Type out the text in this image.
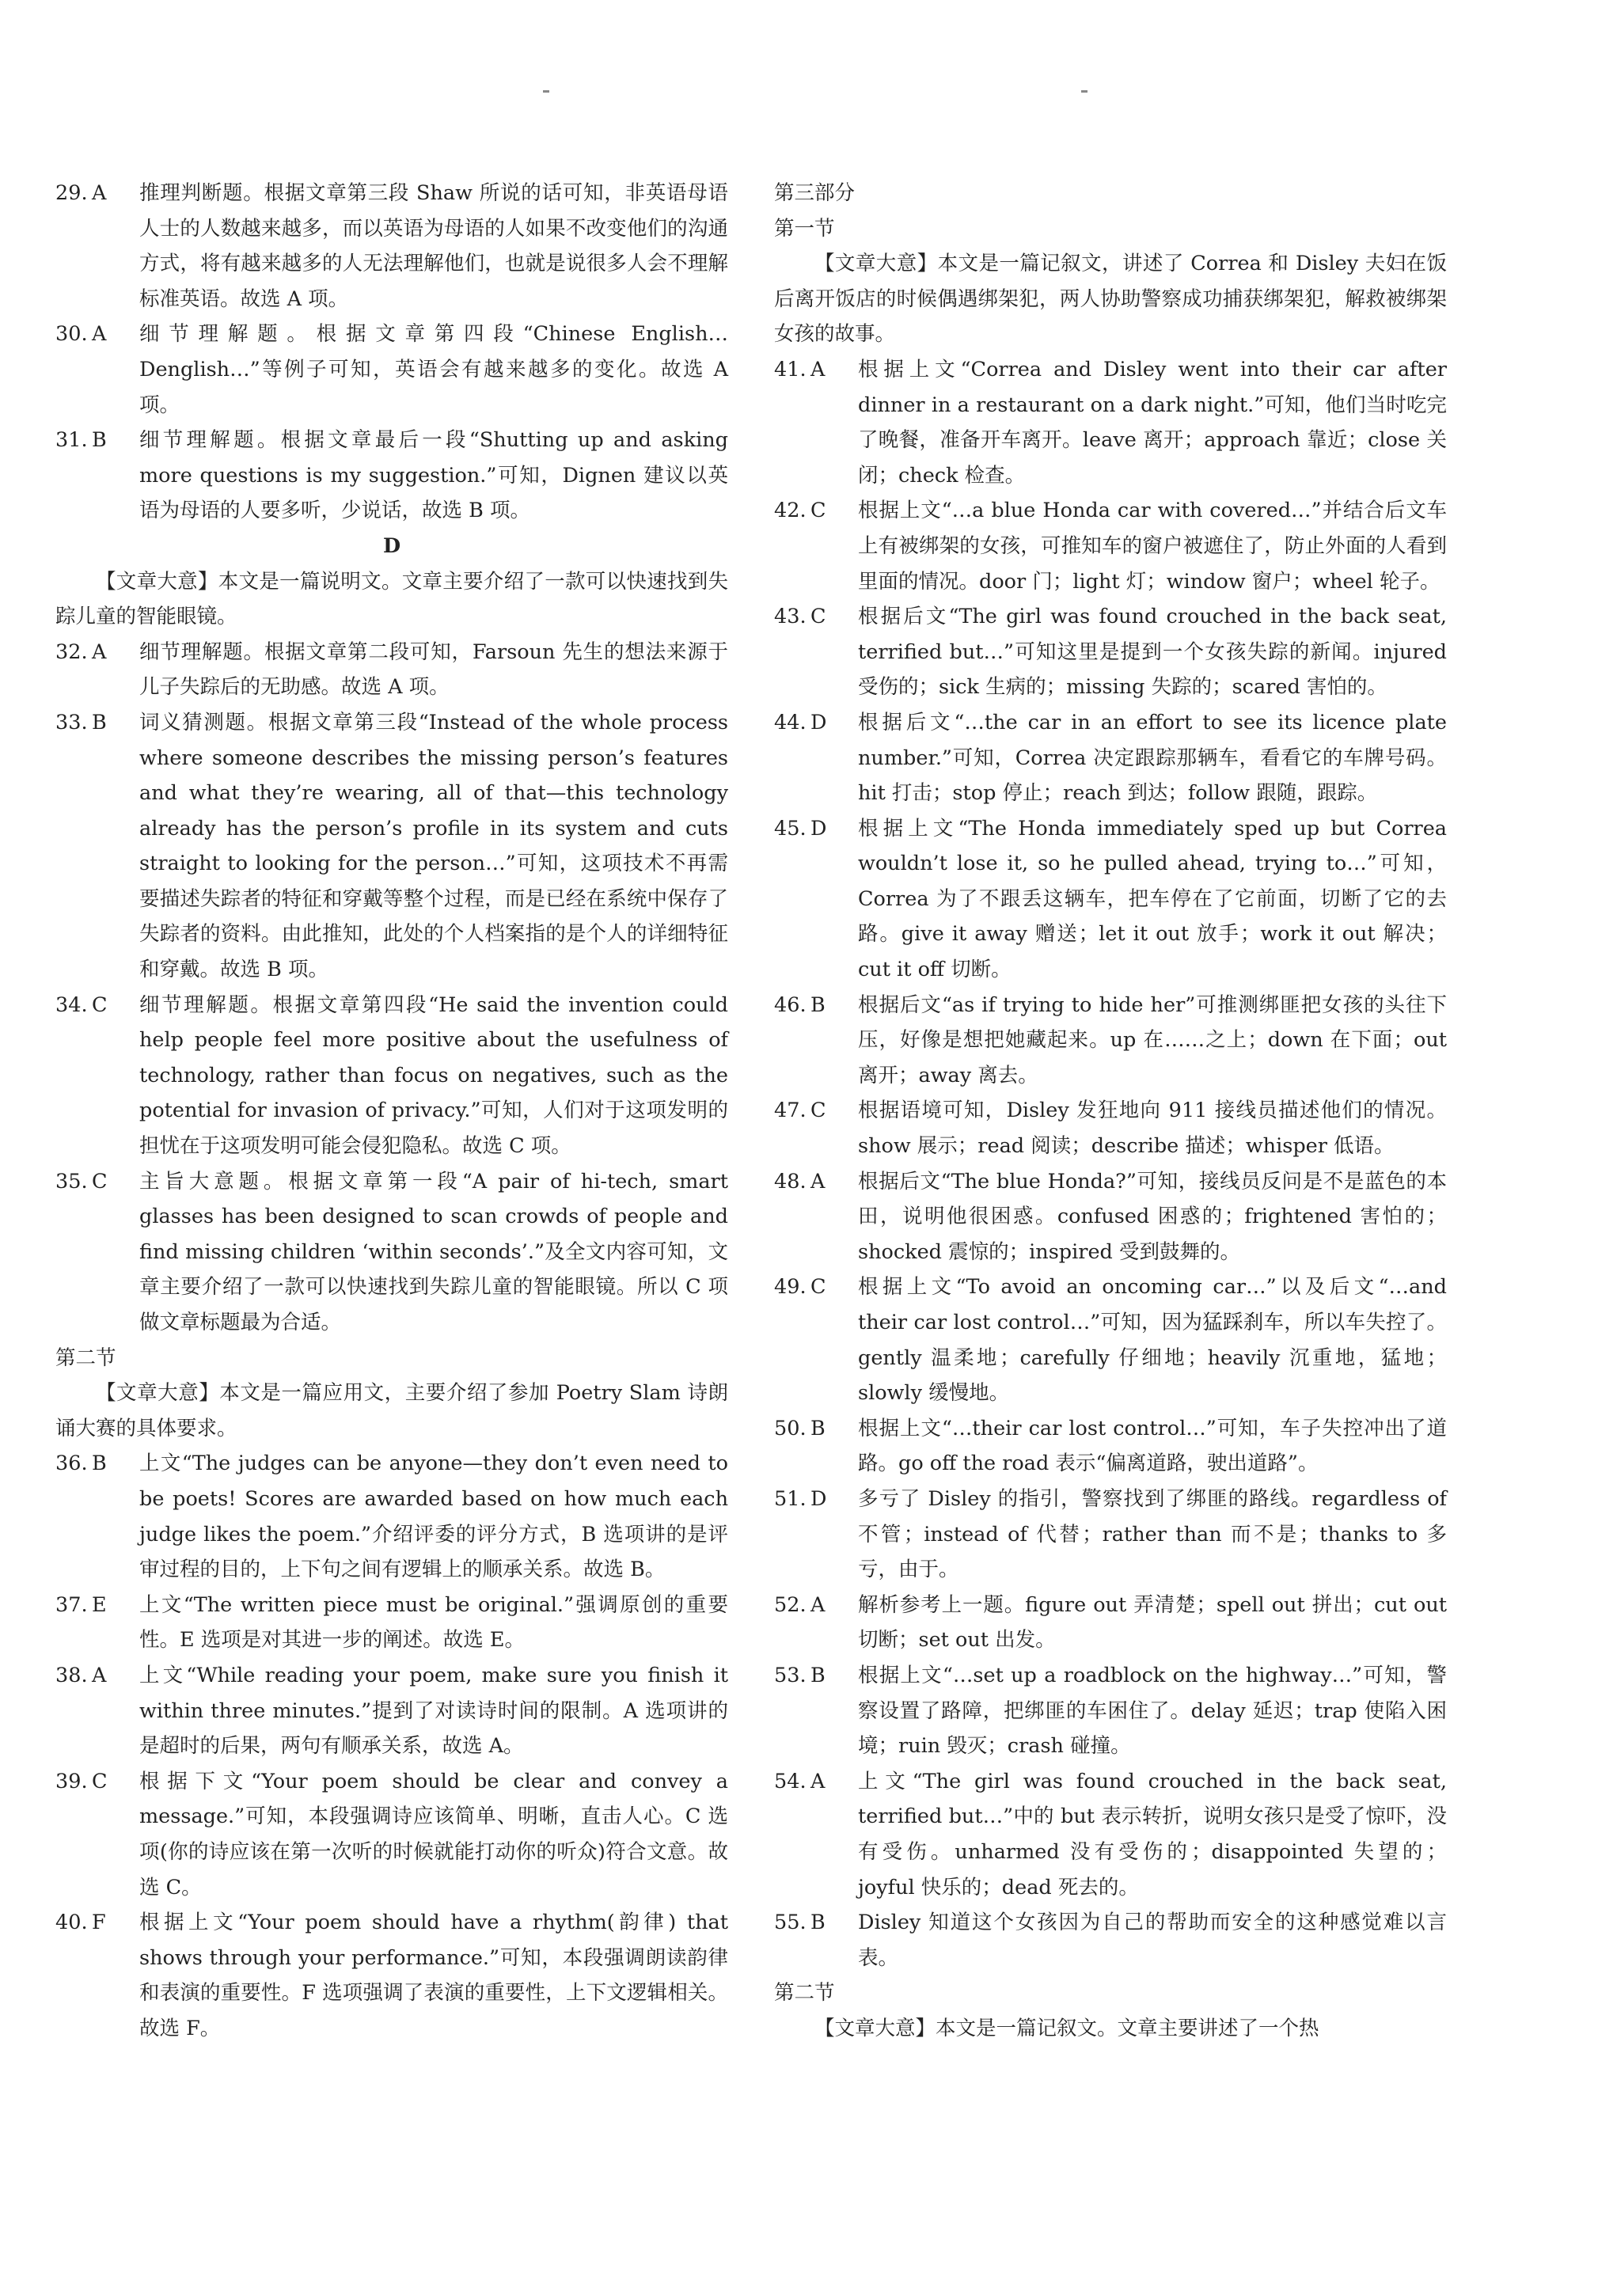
29. A	推理判断题。根据文章第三段 Shaw 所说的话可知，非英语母语人士的人数越来越多，而以英语为母语的人如果不改变他们的沟通方式，将有越来越多的人无法理解他们，也就是说很多人会不理解标准英语。故选 A 项。
30. A	细节理解题。根据文章第四段“Chinese English…Denglish…”等例子可知，英语会有越来越多的变化。故选 A 项。
31. B	细节理解题。根据文章最后一段“Shutting up and asking more questions is my suggestion.”可知，Dignen 建议以英语为母语的人要多听，少说话，故选 B 项。
D

【文章大意】本文是一篇说明文。文章主要介绍了一款可以快速找到失踪儿童的智能眼镜。

32. A	细节理解题。根据文章第二段可知，Farsoun 先生的想法来源于儿子失踪后的无助感。故选 A 项。
33. B	词义猜测题。根据文章第三段“Instead of the whole process where someone describes the missing person’s features and what they’re wearing, all of that—this technology already has the person’s profile in its system and cuts straight to looking for the person…”可知，这项技术不再需要描述失踪者的特征和穿戴等整个过程，而是已经在系统中保存了失踪者的资料。由此推知，此处的个人档案指的是个人的详细特征和穿戴。故选 B 项。
34. C	细节理解题。根据文章第四段“He said the invention could help people feel more positive about the usefulness of technology, rather than focus on negatives, such as the potential for invasion of privacy.”可知，人们对于这项发明的担忧在于这项发明可能会侵犯隐私。故选 C 项。
35. C	主旨大意题。根据文章第一段“A pair of hi-tech, smart glasses has been designed to scan crowds of people and find missing children ‘within seconds’.”及全文内容可知，文章主要介绍了一款可以快速找到失踪儿童的智能眼镜。所以 C 项做文章标题最为合适。

第二节

【文章大意】本文是一篇应用文，主要介绍了参加 Poetry Slam 诗朗诵大赛的具体要求。

36. B	上文“The judges can be anyone—they don’t even need to be poets! Scores are awarded based on how much each judge likes the poem.”介绍评委的评分方式，B 选项讲的是评审过程的目的，上下句之间有逻辑上的顺承关系。故选 B。
37. E	上文“The written piece must be original.”强调原创的重要性。E 选项是对其进一步的阐述。故选 E。
38. A	上文“While reading your poem, make sure you finish it within three minutes.”提到了对读诗时间的限制。A 选项讲的是超时的后果，两句有顺承关系，故选 A。
39. C	根据下文“Your poem should be clear and convey a message.”可知，本段强调诗应该简单、明晰，直击人心。C 选项(你的诗应该在第一次听的时候就能打动你的听众)符合文意。故选 C。
40. F	根据上文“Your poem should have a rhythm(韵律) that shows through your performance.”可知，本段强调朗读韵律和表演的重要性。F 选项强调了表演的重要性，上下文逻辑相关。故选 F。

第三部分

第一节

【文章大意】本文是一篇记叙文，讲述了 Correa 和 Disley 夫妇在饭后离开饭店的时候偶遇绑架犯，两人协助警察成功捕获绑架犯，解救被绑架女孩的故事。

41. A	根据上文“Correa and Disley went into their car after dinner in a restaurant on a dark night.”可知，他们当时吃完了晚餐，准备开车离开。leave 离开；approach 靠近；close 关闭；check 检查。
42. C	根据上文“…a blue Honda car with covered…”并结合后文车上有被绑架的女孩，可推知车的窗户被遮住了，防止外面的人看到里面的情况。door 门；light 灯；window 窗户；wheel 轮子。
43. C	根据后文“The girl was found crouched in the back seat, terrified but…”可知这里是提到一个女孩失踪的新闻。injured 受伤的；sick 生病的；missing 失踪的；scared 害怕的。
44. D	根据后文“…the car in an effort to see its licence plate number.”可知，Correa 决定跟踪那辆车，看看它的车牌号码。hit 打击；stop 停止；reach 到达；follow 跟随，跟踪。
45. D	根据上文“The Honda immediately sped up but Correa wouldn’t lose it, so he pulled ahead, trying to…”可知，Correa 为了不跟丢这辆车，把车停在了它前面，切断了它的去路。give it away 赠送；let it out 放手；work it out 解决；cut it off 切断。
46. B	根据后文“as if trying to hide her”可推测绑匪把女孩的头往下压，好像是想把她藏起来。up 在……之上；down 在下面；out 离开；away 离去。
47. C	根据语境可知，Disley 发狂地向 911 接线员描述他们的情况。show 展示；read 阅读；describe 描述；whisper 低语。
48. A	根据后文“The blue Honda?”可知，接线员反问是不是蓝色的本田，说明他很困惑。confused 困惑的；frightened 害怕的；shocked 震惊的；inspired 受到鼓舞的。
49. C	根据上文“To avoid an oncoming car…”以及后文“…and their car lost control…”可知，因为猛踩刹车，所以车失控了。gently 温柔地；carefully 仔细地；heavily 沉重地，猛地；slowly 缓慢地。
50. B	根据上文“…their car lost control…”可知，车子失控冲出了道路。go off the road 表示“偏离道路，驶出道路”。
51. D	多亏了 Disley 的指引，警察找到了绑匪的路线。regardless of 不管；instead of 代替；rather than 而不是；thanks to 多亏，由于。
52. A	解析参考上一题。figure out 弄清楚；spell out 拼出；cut out 切断；set out 出发。
53. B	根据上文“…set up a roadblock on the highway…”可知，警察设置了路障，把绑匪的车困住了。delay 延迟；trap 使陷入困境；ruin 毁灭；crash 碰撞。
54. A	上文“The girl was found crouched in the back seat, terrified but…”中的 but 表示转折，说明女孩只是受了惊吓，没有受伤。unharmed 没有受伤的；disappointed 失望的；joyful 快乐的；dead 死去的。
55. B	Disley 知道这个女孩因为自己的帮助而安全的这种感觉难以言表。

第二节

【文章大意】本文是一篇记叙文。文章主要讲述了一个热
